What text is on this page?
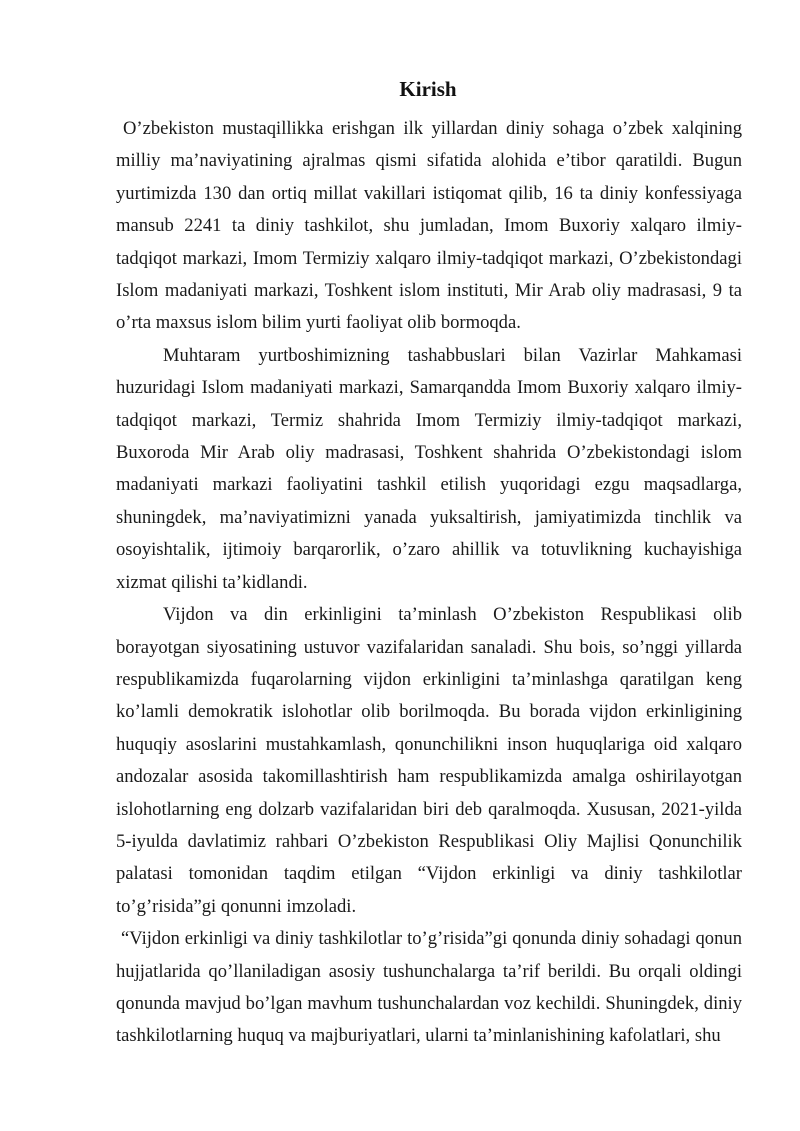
Kirish

O’zbekiston mustaqillikka erishgan ilk yillardan diniy sohaga o’zbek xalqining milliy ma’naviyatining ajralmas qismi sifatida alohida e’tibor qaratildi. Bugun yurtimizda 130 dan ortiq millat vakillari istiqomat qilib, 16 ta diniy konfessiyaga mansub 2241 ta diniy tashkilot, shu jumladan, Imom Buxoriy xalqaro ilmiy-tadqiqot markazi, Imom Termiziy xalqaro ilmiy-tadqiqot markazi, O’zbekistondagi Islom madaniyati markazi, Toshkent islom instituti, Mir Arab oliy madrasasi, 9 ta o’rta maxsus islom bilim yurti faoliyat olib bormoqda.

Muhtaram yurtboshimizning tashabbuslari bilan Vazirlar Mahkamasi huzuridagi Islom madaniyati markazi, Samarqandda Imom Buxoriy xalqaro ilmiy-tadqiqot markazi, Termiz shahrida Imom Termiziy ilmiy-tadqiqot markazi, Buxoroda Mir Arab oliy madrasasi, Toshkent shahrida O’zbekistondagi islom madaniyati markazi faoliyatini tashkil etilish yuqoridagi ezgu maqsadlarga, shuningdek, ma’naviyatimizni yanada yuksaltirish, jamiyatimizda tinchlik va osoyishtalik, ijtimoiy barqarorlik, o’zaro ahillik va totuvlikning kuchayishiga xizmat qilishi ta’kidlandi.

Vijdon va din erkinligini ta’minlash O’zbekiston Respublikasi olib borayotgan siyosatining ustuvor vazifalaridan sanaladi. Shu bois, so’nggi yillarda respublikamizda fuqarolarning vijdon erkinligini ta’minlashga qaratilgan keng ko’lamli demokratik islohotlar olib borilmoqda. Bu borada vijdon erkinligining huquqiy asoslarini mustahkamlash, qonunchilikni inson huquqlariga oid xalqaro andozalar asosida takomillashtirish ham respublikamizda amalga oshirilayotgan islohotlarning eng dolzarb vazifalaridan biri deb qaralmoqda. Xususan, 2021-yilda 5-iyulda davlatimiz rahbari O’zbekiston Respublikasi Oliy Majlisi Qonunchilik palatasi tomonidan taqdim etilgan “Vijdon erkinligi va diniy tashkilotlar to’g’risida”gi qonunni imzoladi.

“Vijdon erkinligi va diniy tashkilotlar to’g’risida”gi qonunda diniy sohadagi qonun hujjatlarida qo’llaniladigan asosiy tushunchalarga ta’rif berildi. Bu orqali oldingi qonunda mavjud bo’lgan mavhum tushunchalardan voz kechildi. Shuningdek, diniy tashkilotlarning huquq va majburiyatlari, ularni ta’minlanishining kafolatlari, shu
